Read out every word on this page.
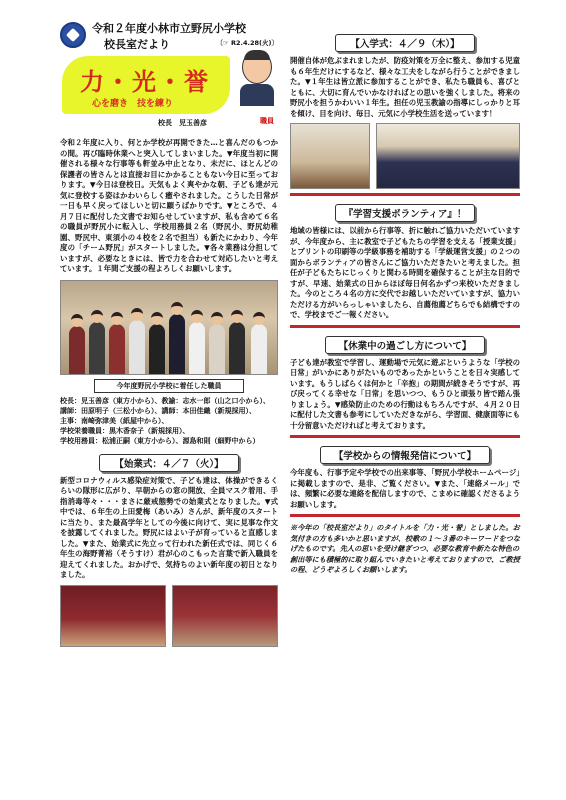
令和２年度小林市立野尻小学校
校長室だより	〔☞ R2.4.28(火)〕
力・光・誉
心を磨き　技を練り
校長　児玉善彦	職員

令和２年度に入り、何とか学校が再開できた…と喜んだのもつかの間。再び臨時休業へと突入してしまいました。▼年度当初に開催される様々な行事等も軒並み中止となり、未だに、ほとんどの保護者の皆さんとは直接お目にかかることもない今日に至っております。▼今日は登校日。天気もよく爽やかな朝、子ども達が元気に登校する姿はかわいらしく癒やされました。こうした日常が一日も早く戻ってほしいと切に願うばかりです。▼ところで、４月７日に配付した文書でお知らせしていますが、私も含めて６名の職員が野尻小に転入し、学校用務員２名（野尻小、野尻幼稚園、野尻中、東須小の４校を２名で担当）も新たにかわり、今年度の「チーム野尻」がスタートしました。▼各々業務は分担していますが、必要なときには、皆で力を合わせて対応したいと考えています。１年間ご支援の程よろしくお願いします。

今年度野尻小学校に着任した職員
校長：児玉善彦（東方小から）、教諭：志水一郎（山之口小から）、
講師：田原明子（三松小から）、講師：本田佳織（新規採用）、
主事：南崎弥津美（紙屋中から）、
学校栄養職員：黒木香奈子（新規採用）、
学校用務員：松浦正嗣（東方小から）、源島和則（細野中から）
【始業式：４／７（火）】

新型コロナウィルス感染症対策で、子ども達は、体操ができるくらいの隊形に広がり、早朝からの窓の開放、全員マスク着用、手指消毒等々・・・まさに厳戒態勢での始業式となりました。▼式中では、６年生の上田愛梅（あいみ）さんが、新年度のスタートに当たり、また最高学年としての今後に向けて、実に見事な作文を披露してくれました。野尻にはよい子が育っていると直感しました。▼また、始業式に先立って行われた新任式では、同じく６年生の海野菁裕（そうすけ）君が心のこもった言葉で新入職員を迎えてくれました。おかげで、気持ちのよい新年度の初日となりました。

【入学式：４／９（木）】

開催自体が危ぶまれましたが、防疫対策を万全に整え、参加する児童も６年生だけにするなど、様々な工夫をしながら行うことができました。▼１年生は皆立派に参加することができ、私たち職員も、喜びとともに、大切に育んでいかなければとの思いを強くしました。将来の野尻小を担うかわいい１年生。担任の児玉教諭の指導にしっかりと耳を傾け、目を向け、毎日、元気に小学校生活を送っています！

『学習支援ボランティア』！

地域の皆様には、以前から行事等、折に触れご協力いただいていますが、今年度から、主に教室で子どもたちの学習を支える「授業支援」とプリントの印刷等の学級事務を補助する「学級運営支援」の２つの面からボランティアの皆さんにご協力いただきたいと考えました。担任が子どもたちにじっくりと関わる時間を確保することが主な目的ですが、早速、始業式の日からほぼ毎日何名かずつ来校いただきました。今のところ４名の方に交代でお越しいただいていますが、協力いただける方がいらっしゃいましたら、自薦他薦どちらでも結構ですので、学校までご一報ください。

【休業中の過ごし方について】

子ども達が教室で学習し、運動場で元気に遊ぶというような「学校の日常」がいかにありがたいものであったかということを日々実感しています。もうしばらくは何かと「辛抱」の期間が続きそうですが、再び戻ってくる幸せな「日常」を思いつつ、もうひと頑張り皆で踏ん張りましょう。▼感染防止のための行動はもちろんですが、４月２０日に配付した文書も参考にしていただきながら、学習面、健康面等にも十分留意いただければと考えております。

【学校からの情報発信について】

今年度も、行事予定や学校での出来事等、「野尻小学校ホームページ」に掲載しますので、是非、ご覧ください。▼また、「連絡メール」では、頻繁に必要な連絡を配信しますので、こまめに確認くださるようお願いします。

※今年の「校長室だより」のタイトルを「力・光・誉」としました。お気付きの方も多いかと思いますが、校歌の１～３番のキーワードをつなげたものです。先人の思いを受け継ぎつつ、必要な教育や新たな特色の創出等にも積極的に取り組んでいきたいと考えておりますので、ご教授の程、どうぞよろしくお願いします。
